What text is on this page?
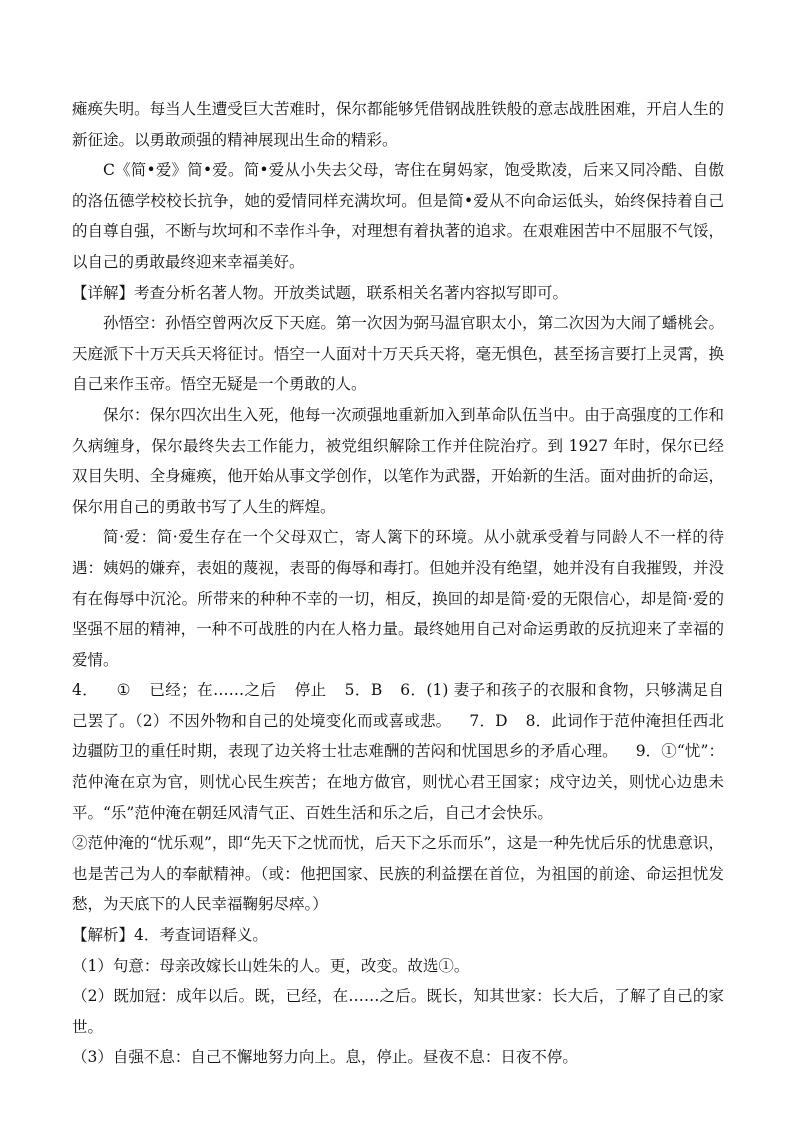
瘫痪失明。每当人生遭受巨大苦难时，保尔都能够凭借钢战胜铁般的意志战胜困难，开启人生的新征途。以勇敢顽强的精神展现出生命的精彩。

C《简•爱》简•爱。简•爱从小失去父母，寄住在舅妈家，饱受欺凌，后来又同冷酷、自傲的洛伍德学校校长抗争，她的爱情同样充满坎坷。但是简•爱从不向命运低头，始终保持着自己的自尊自强，不断与坎坷和不幸作斗争，对理想有着执著的追求。在艰难困苦中不屈服不气馁，以自己的勇敢最终迎来幸福美好。

【详解】考查分析名著人物。开放类试题，联系相关名著内容拟写即可。

孙悟空：孙悟空曾两次反下天庭。第一次因为弼马温官职太小，第二次因为大闹了蟠桃会。天庭派下十万天兵天将征讨。悟空一人面对十万天兵天将，毫无惧色，甚至扬言要打上灵霄，换自己来作玉帝。悟空无疑是一个勇敢的人。

保尔：保尔四次出生入死，他每一次顽强地重新加入到革命队伍当中。由于高强度的工作和久病缠身，保尔最终失去工作能力，被党组织解除工作并住院治疗。到 1927 年时，保尔已经双目失明、全身瘫痪，他开始从事文学创作，以笔作为武器，开始新的生活。面对曲折的命运，保尔用自己的勇敢书写了人生的辉煌。

简·爱：简·爱生存在一个父母双亡，寄人篱下的环境。从小就承受着与同龄人不一样的待遇：姨妈的嫌弃，表姐的蔑视，表哥的侮辱和毒打。但她并没有绝望，她并没有自我摧毁，并没有在侮辱中沉沦。所带来的种种不幸的一切，相反，换回的却是简·爱的无限信心，却是简·爱的坚强不屈的精神，一种不可战胜的内在人格力量。最终她用自己对命运勇敢的反抗迎来了幸福的爱情。

4． ① 已经；在……之后 停止 5．B 6．(1) 妻子和孩子的衣服和食物，只够满足自己罢了。（2）不因外物和自己的处境变化而或喜或悲。 7．D 8．此词作于范仲淹担任西北边疆防卫的重任时期，表现了边关将士壮志难酬的苦闷和忧国思乡的矛盾心理。 9．①“忧”：范仲淹在京为官，则忧心民生疾苦；在地方做官，则忧心君王国家；戍守边关，则忧心边患未平。“乐”范仲淹在朝廷风清气正、百姓生活和乐之后，自己才会快乐。

②范仲淹的“忧乐观”，即“先天下之忧而忧，后天下之乐而乐”，这是一种先忧后乐的忧患意识，也是苦己为人的奉献精神。（或：他把国家、民族的利益摆在首位，为祖国的前途、命运担忧发愁，为天底下的人民幸福鞠躬尽瘁。）

【解析】4．考查词语释义。

（1）句意：母亲改嫁长山姓朱的人。更，改变。故选①。

（2）既加冠：成年以后。既，已经，在……之后。既长，知其世家：长大后，了解了自己的家世。

（3）自强不息：自己不懈地努力向上。息，停止。昼夜不息：日夜不停。
